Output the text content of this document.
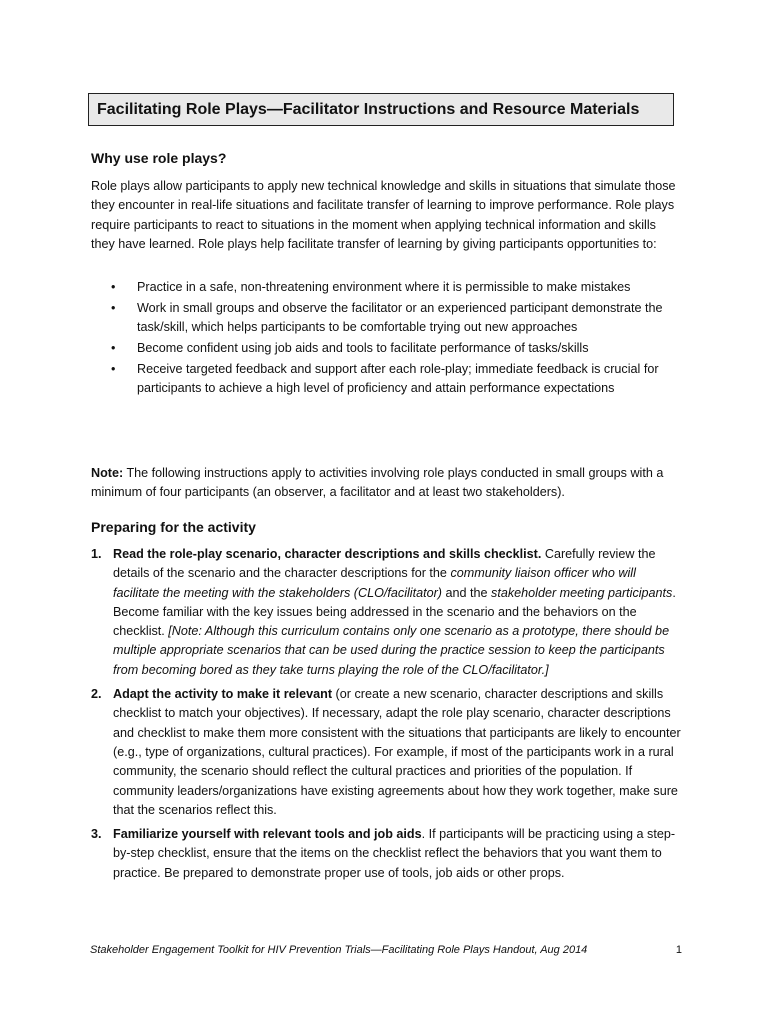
Facilitating Role Plays—Facilitator Instructions and Resource Materials
Why use role plays?
Role plays allow participants to apply new technical knowledge and skills in situations that simulate those they encounter in real-life situations and facilitate transfer of learning to improve performance. Role plays require participants to react to situations in the moment when applying technical information and skills they have learned. Role plays help facilitate transfer of learning by giving participants opportunities to:
• Practice in a safe, non-threatening environment where it is permissible to make mistakes
• Work in small groups and observe the facilitator or an experienced participant demonstrate the task/skill, which helps participants to be comfortable trying out new approaches
• Become confident using job aids and tools to facilitate performance of tasks/skills
• Receive targeted feedback and support after each role-play; immediate feedback is crucial for participants to achieve a high level of proficiency and attain performance expectations
Note: The following instructions apply to activities involving role plays conducted in small groups with a minimum of four participants (an observer, a facilitator and at least two stakeholders).
Preparing for the activity
1. Read the role-play scenario, character descriptions and skills checklist. Carefully review the details of the scenario and the character descriptions for the community liaison officer who will facilitate the meeting with the stakeholders (CLO/facilitator) and the stakeholder meeting participants. Become familiar with the key issues being addressed in the scenario and the behaviors on the checklist. [Note: Although this curriculum contains only one scenario as a prototype, there should be multiple appropriate scenarios that can be used during the practice session to keep the participants from becoming bored as they take turns playing the role of the CLO/facilitator.]
2. Adapt the activity to make it relevant (or create a new scenario, character descriptions and skills checklist to match your objectives). If necessary, adapt the role play scenario, character descriptions and checklist to make them more consistent with the situations that participants are likely to encounter (e.g., type of organizations, cultural practices). For example, if most of the participants work in a rural community, the scenario should reflect the cultural practices and priorities of the population. If community leaders/organizations have existing agreements about how they work together, make sure that the scenarios reflect this.
3. Familiarize yourself with relevant tools and job aids. If participants will be practicing using a step-by-step checklist, ensure that the items on the checklist reflect the behaviors that you want them to practice. Be prepared to demonstrate proper use of tools, job aids or other props.
Stakeholder Engagement Toolkit for HIV Prevention Trials—Facilitating Role Plays Handout, Aug 2014	1
